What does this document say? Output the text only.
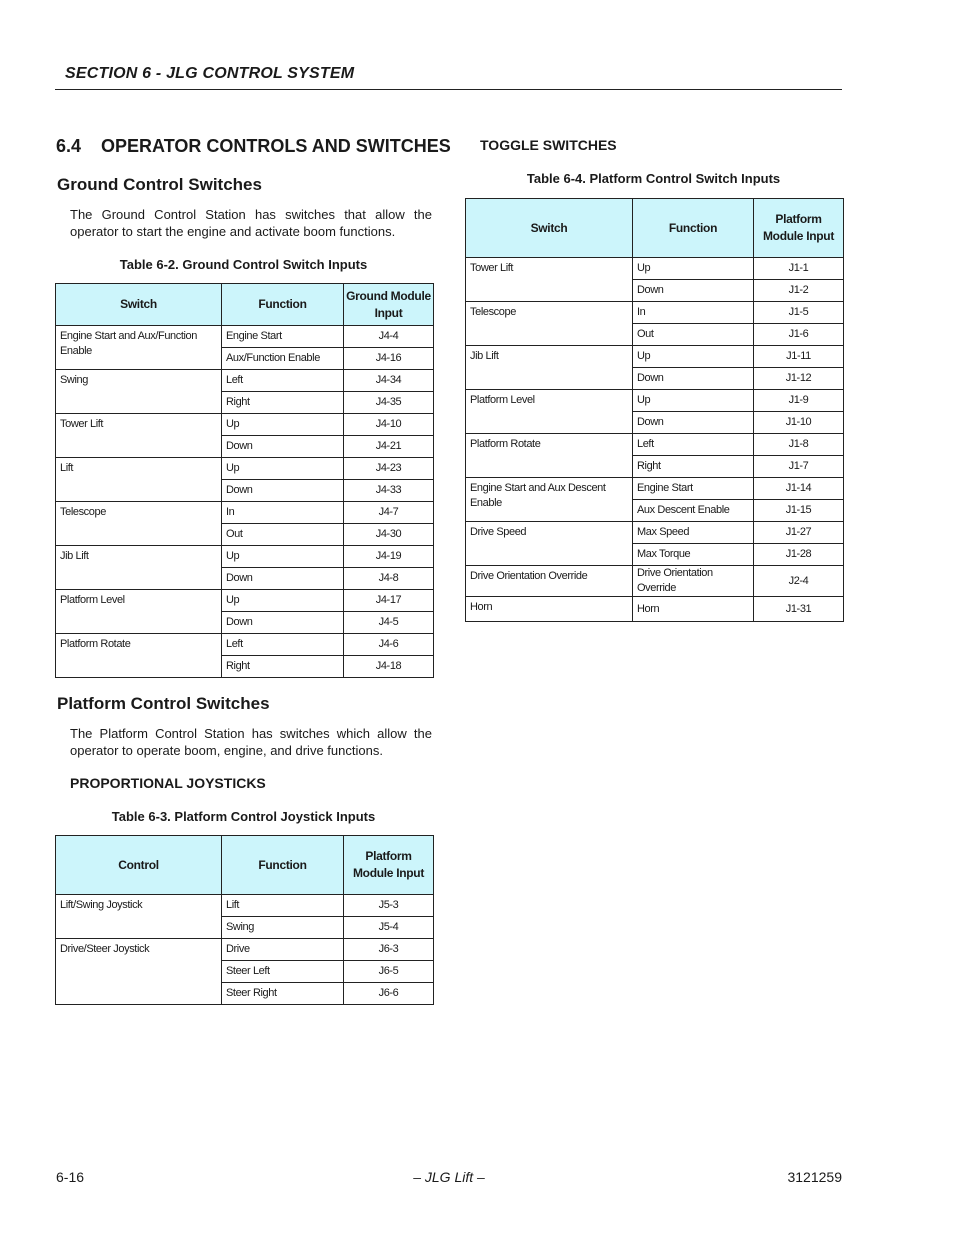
SECTION 6 - JLG CONTROL SYSTEM
6.4    OPERATOR CONTROLS AND SWITCHES
Ground Control Switches
The Ground Control Station has switches that allow the operator to start the engine and activate boom functions.
Table 6-2. Ground Control Switch Inputs
Switch	Function	Ground Module Input
Engine Start and Aux/Function Enable	Engine Start	J4-4
	Aux/Function Enable	J4-16
Swing	Left	J4-34
	Right	J4-35
Tower Lift	Up	J4-10
	Down	J4-21
Lift	Up	J4-23
	Down	J4-33
Telescope	In	J4-7
	Out	J4-30
Jib Lift	Up	J4-19
	Down	J4-8
Platform Level	Up	J4-17
	Down	J4-5
Platform Rotate	Left	J4-6
	Right	J4-18
Platform Control Switches
The Platform Control Station has switches which allow the operator to operate boom, engine, and drive functions.
PROPORTIONAL JOYSTICKS
Table 6-3. Platform Control Joystick Inputs
Control	Function	Platform Module Input
Lift/Swing Joystick	Lift	J5-3
	Swing	J5-4
Drive/Steer Joystick	Drive	J6-3
	Steer Left	J6-5
	Steer Right	J6-6
TOGGLE SWITCHES
Table 6-4. Platform Control Switch Inputs
Switch	Function	Platform Module Input
Tower Lift	Up	J1-1
	Down	J1-2
Telescope	In	J1-5
	Out	J1-6
Jib Lift	Up	J1-11
	Down	J1-12
Platform Level	Up	J1-9
	Down	J1-10
Platform Rotate	Left	J1-8
	Right	J1-7
Engine Start and Aux Descent Enable	Engine Start	J1-14
	Aux Descent Enable	J1-15
Drive Speed	Max Speed	J1-27
	Max Torque	J1-28
Drive Orientation Override	Drive Orientation Override	J2-4
Horn	Horn	J1-31
6-16	– JLG Lift –	3121259
